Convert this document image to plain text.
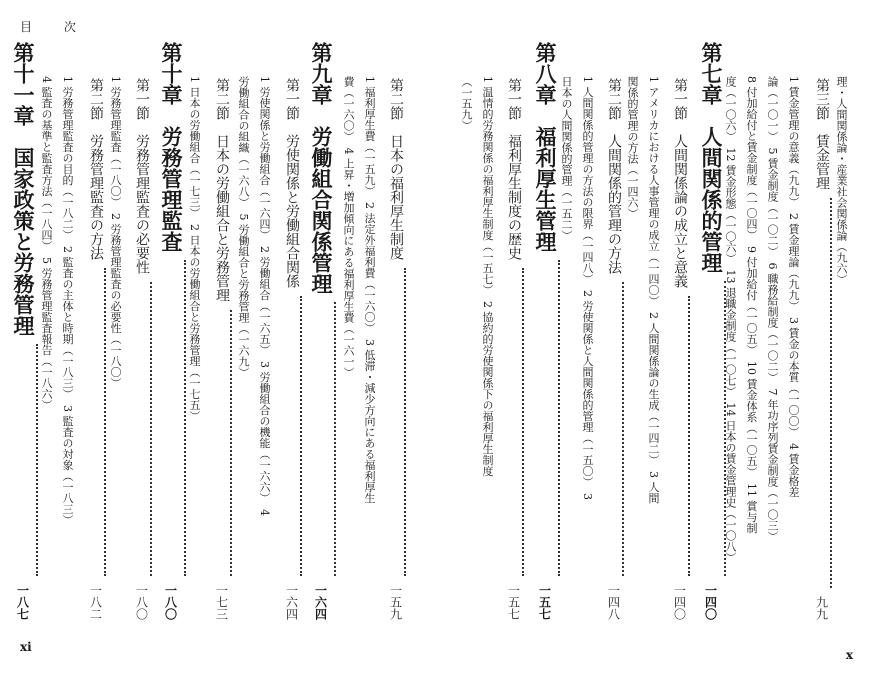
目 次
理・人間関係論・産業社会関係論（九六）
第三節　賃金管理
九九
1 賃金管理の意義（九九）　2 賃金理論（九九）　3 賃金の本質（一〇〇）　4 賃金格差
論（一〇一）　5 賃金制度（一〇二）　6 職務給制度（一〇二）　7 年功序列賃金制度（一〇三）
8 付加給付と賃金制度（一〇四）　9 付加給付（一〇五）　10 賃金体系（一〇五）　11 賞与制
度（一〇六）　12 賃金形態（一〇六）　13 退職金制度（一〇七）　14 日本の賃金管理史（一〇八）
第七章　人間関係的管理
一四〇
第一節　人間関係論の成立と意義
一四〇
1 アメリカにおける人事管理の成立（一四〇）　2 人間関係論の生成（一四二）　3 人間
関係的管理の方法（一四六）
第二節　人間関係的管理の方法
一四八
1 人間関係的管理の方法の限界（一四八）　2 労使関係と人間関係的管理（一五〇）　3
日本の人間関係的管理（一五二）
第八章　福利厚生管理
一五七
第一節　福利厚生制度の歴史
一五七
1 温情的労務関係の福利厚生制度（一五七）　2 協約的労使関係下の福利厚生制度
（一五九）
第二節　日本の福利厚生制度
一五九
1 福利厚生費（一五九）　2 法定外福利費（一六〇）　3 低滞・減少方向にある福利厚生
費（一六〇）　4 上昇・増加傾向にある福利厚生費（一六一）
第九章　労働組合関係管理
一六四
第一節　労使関係と労働組合関係
一六四
1 労使関係と労働組合（一六四）　2 労働組合（一六五）　3 労働組合の機能（一六六）　4
労働組合の組織（一六八）　5 労働組合と労務管理（一六九）
第二節　日本の労働組合と労務管理
一七三
1 日本の労働組合（一七三）　2 日本の労働組合と労務管理（一七五）
第十章　労務管理監査
一八〇
第一節　労務管理監査の必要性
一八〇
1 労務管理監査（一八〇）　2 労務管理監査の必要性（一八〇）
第二節　労務管理監査の方法
一八二
1 労務管理監査の目的（一八二）　2 監査の主体と時期（一八三）　3 監査の対象（一八三）
4 監査の基準と監査方法（一八四）　5 労務管理監査報告（一八六）
第十一章　国家政策と労務管理
一八七
xi
x
